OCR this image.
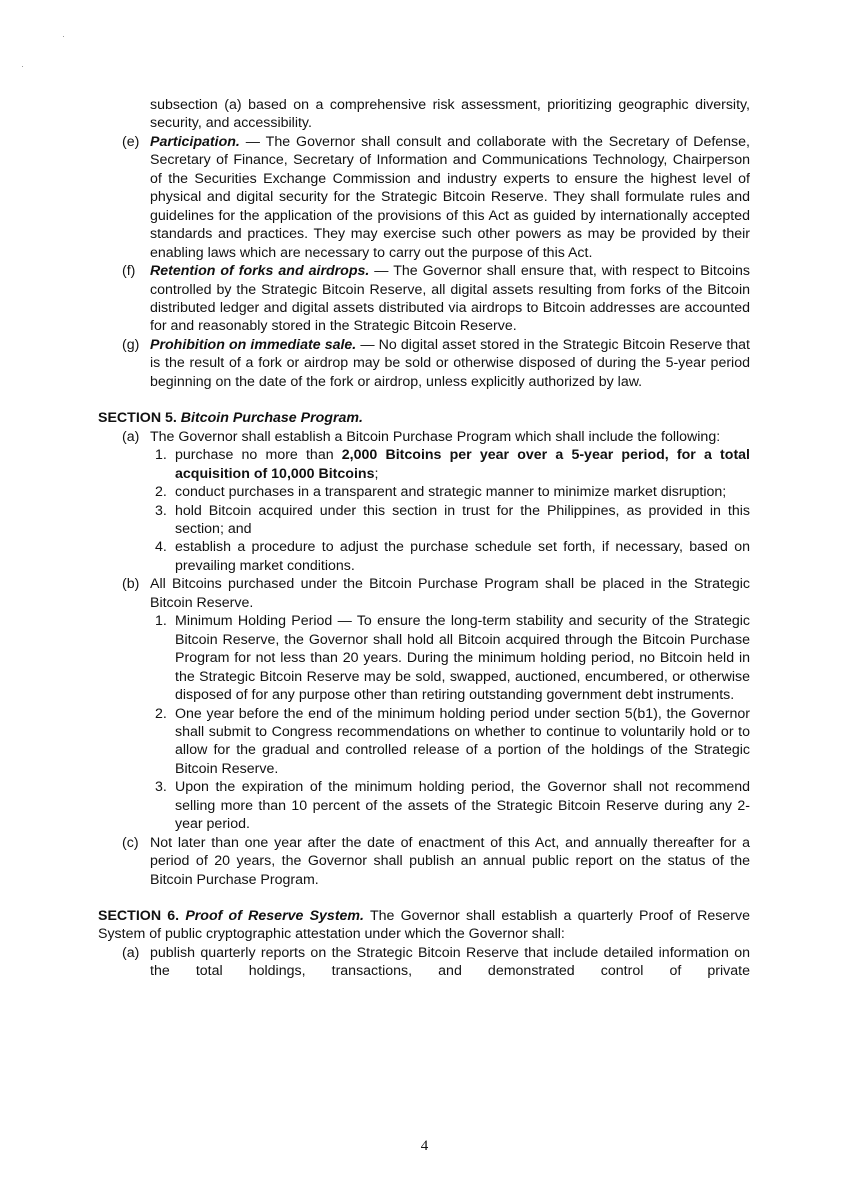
subsection (a) based on a comprehensive risk assessment, prioritizing geographic diversity, security, and accessibility.

(e) Participation. — The Governor shall consult and collaborate with the Secretary of Defense, Secretary of Finance, Secretary of Information and Communications Technology, Chairperson of the Securities Exchange Commission and industry experts to ensure the highest level of physical and digital security for the Strategic Bitcoin Reserve. They shall formulate rules and guidelines for the application of the provisions of this Act as guided by internationally accepted standards and practices. They may exercise such other powers as may be provided by their enabling laws which are necessary to carry out the purpose of this Act.

(f) Retention of forks and airdrops. — The Governor shall ensure that, with respect to Bitcoins controlled by the Strategic Bitcoin Reserve, all digital assets resulting from forks of the Bitcoin distributed ledger and digital assets distributed via airdrops to Bitcoin addresses are accounted for and reasonably stored in the Strategic Bitcoin Reserve.

(g) Prohibition on immediate sale. — No digital asset stored in the Strategic Bitcoin Reserve that is the result of a fork or airdrop may be sold or otherwise disposed of during the 5-year period beginning on the date of the fork or airdrop, unless explicitly authorized by law.

SECTION 5. Bitcoin Purchase Program.

(a) The Governor shall establish a Bitcoin Purchase Program which shall include the following:

1. purchase no more than 2,000 Bitcoins per year over a 5-year period, for a total acquisition of 10,000 Bitcoins;

2. conduct purchases in a transparent and strategic manner to minimize market disruption;

3. hold Bitcoin acquired under this section in trust for the Philippines, as provided in this section; and

4. establish a procedure to adjust the purchase schedule set forth, if necessary, based on prevailing market conditions.

(b) All Bitcoins purchased under the Bitcoin Purchase Program shall be placed in the Strategic Bitcoin Reserve.

1. Minimum Holding Period — To ensure the long-term stability and security of the Strategic Bitcoin Reserve, the Governor shall hold all Bitcoin acquired through the Bitcoin Purchase Program for not less than 20 years. During the minimum holding period, no Bitcoin held in the Strategic Bitcoin Reserve may be sold, swapped, auctioned, encumbered, or otherwise disposed of for any purpose other than retiring outstanding government debt instruments.

2. One year before the end of the minimum holding period under section 5(b1), the Governor shall submit to Congress recommendations on whether to continue to voluntarily hold or to allow for the gradual and controlled release of a portion of the holdings of the Strategic Bitcoin Reserve.

3. Upon the expiration of the minimum holding period, the Governor shall not recommend selling more than 10 percent of the assets of the Strategic Bitcoin Reserve during any 2-year period.

(c) Not later than one year after the date of enactment of this Act, and annually thereafter for a period of 20 years, the Governor shall publish an annual public report on the status of the Bitcoin Purchase Program.

SECTION 6. Proof of Reserve System. The Governor shall establish a quarterly Proof of Reserve System of public cryptographic attestation under which the Governor shall:

(a) publish quarterly reports on the Strategic Bitcoin Reserve that include detailed information on the total holdings, transactions, and demonstrated control of private

4
